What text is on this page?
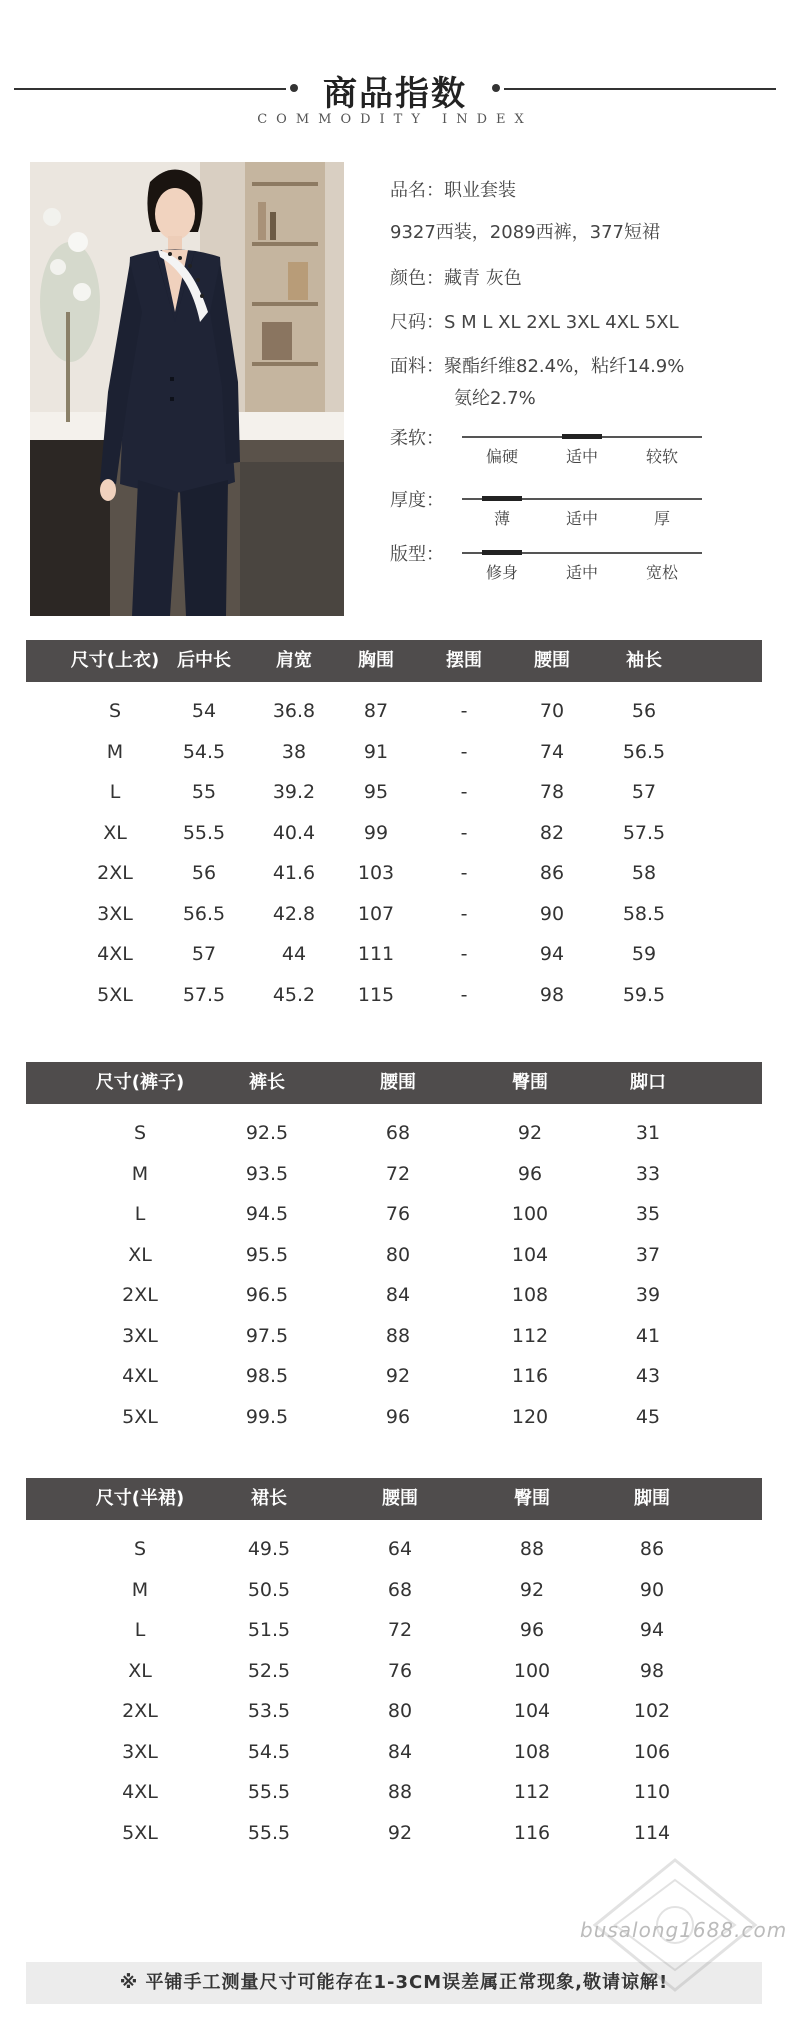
商品指数
COMMODITY INDEX
品名：职业套装
9327西装，2089西裤，377短裙
颜色：藏青 灰色
尺码：S M L XL 2XL 3XL 4XL 5XL
面料：聚酯纤维82.4%，粘纤14.9%
氨纶2.7%
柔软：
偏硬	适中	较软
厚度：
薄	适中	厚
版型：
修身	适中	宽松
尺寸(上衣) 后中长	肩宽	胸围	摆围	腰围	袖长
S	54	36.8	87	-	70	56
M	54.5	38	91	-	74	56.5
L	55	39.2	95	-	78	57
XL	55.5	40.4	99	-	82	57.5
2XL	56	41.6	103	-	86	58
3XL	56.5	42.8	107	-	90	58.5
4XL	57	44	111	-	94	59
5XL	57.5	45.2	115	-	98	59.5
尺寸(裤子)	裤长	腰围	臀围	脚口
S	92.5	68	92	31
M	93.5	72	96	33
L	94.5	76	100	35
XL	95.5	80	104	37
2XL	96.5	84	108	39
3XL	97.5	88	112	41
4XL	98.5	92	116	43
5XL	99.5	96	120	45
尺寸(半裙)	裙长	腰围	臀围	脚围
S	49.5	64	88	86
M	50.5	68	92	90
L	51.5	72	96	94
XL	52.5	76	100	98
2XL	53.5	80	104	102
3XL	54.5	84	108	106
4XL	55.5	88	112	110
5XL	55.5	92	116	114
※ 平铺手工测量尺寸可能存在1-3CM误差属正常现象,敬请谅解!
busalong1688.com
